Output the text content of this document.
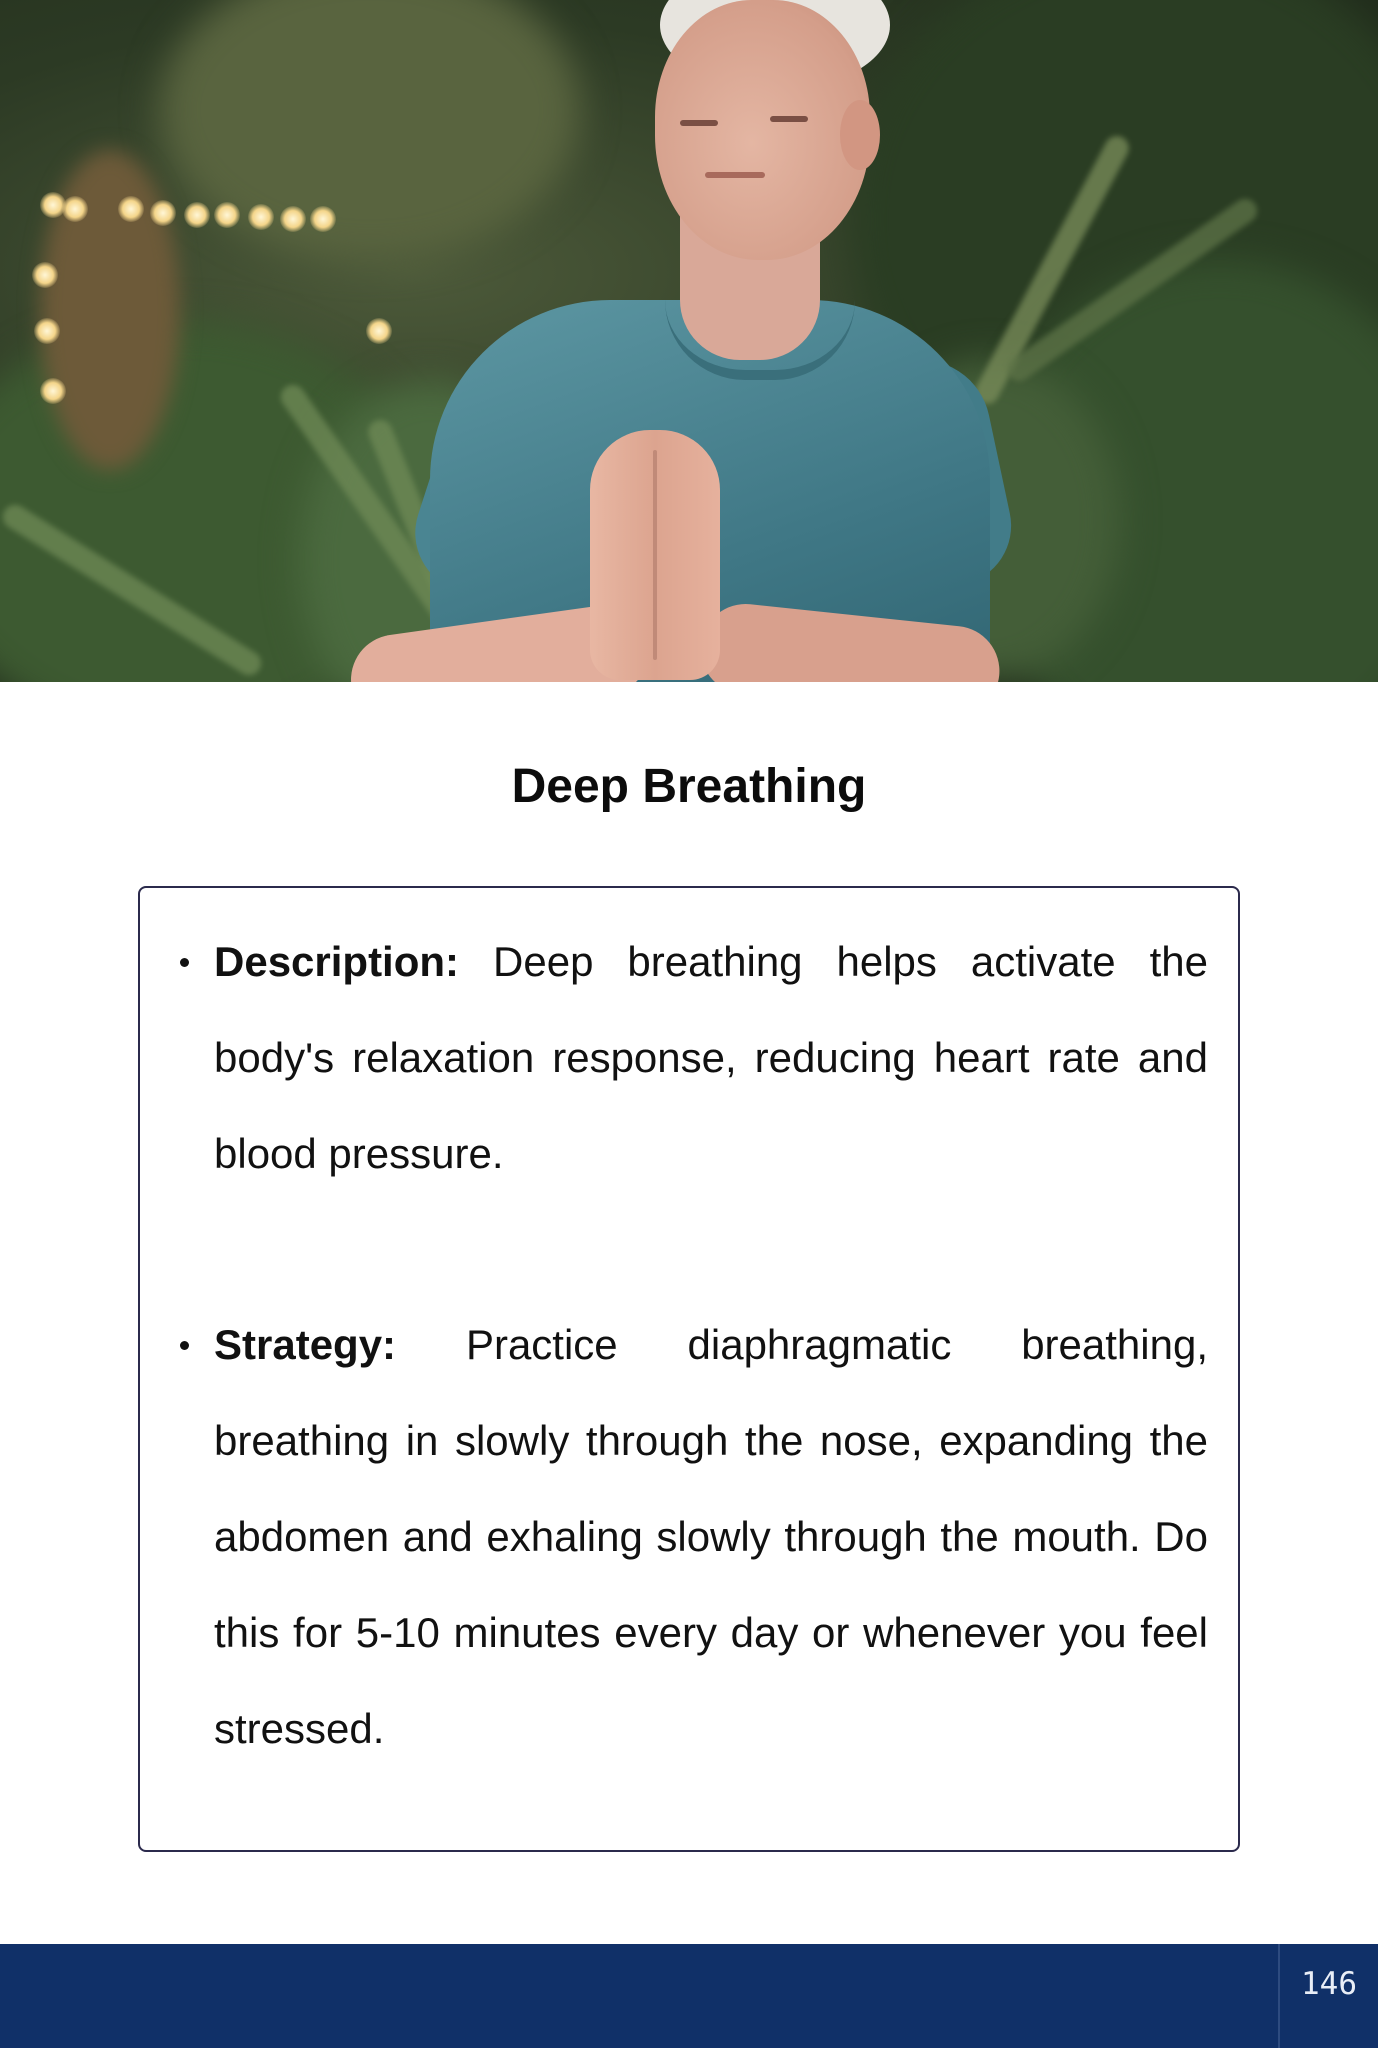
Deep Breathing
Description: Deep breathing helps activate the body's relaxation response, reducing heart rate and blood pressure.
Strategy: Practice diaphragmatic breathing, breathing in slowly through the nose, expanding the abdomen and exhaling slowly through the mouth. Do this for 5-10 minutes every day or whenever you feel stressed.
146
